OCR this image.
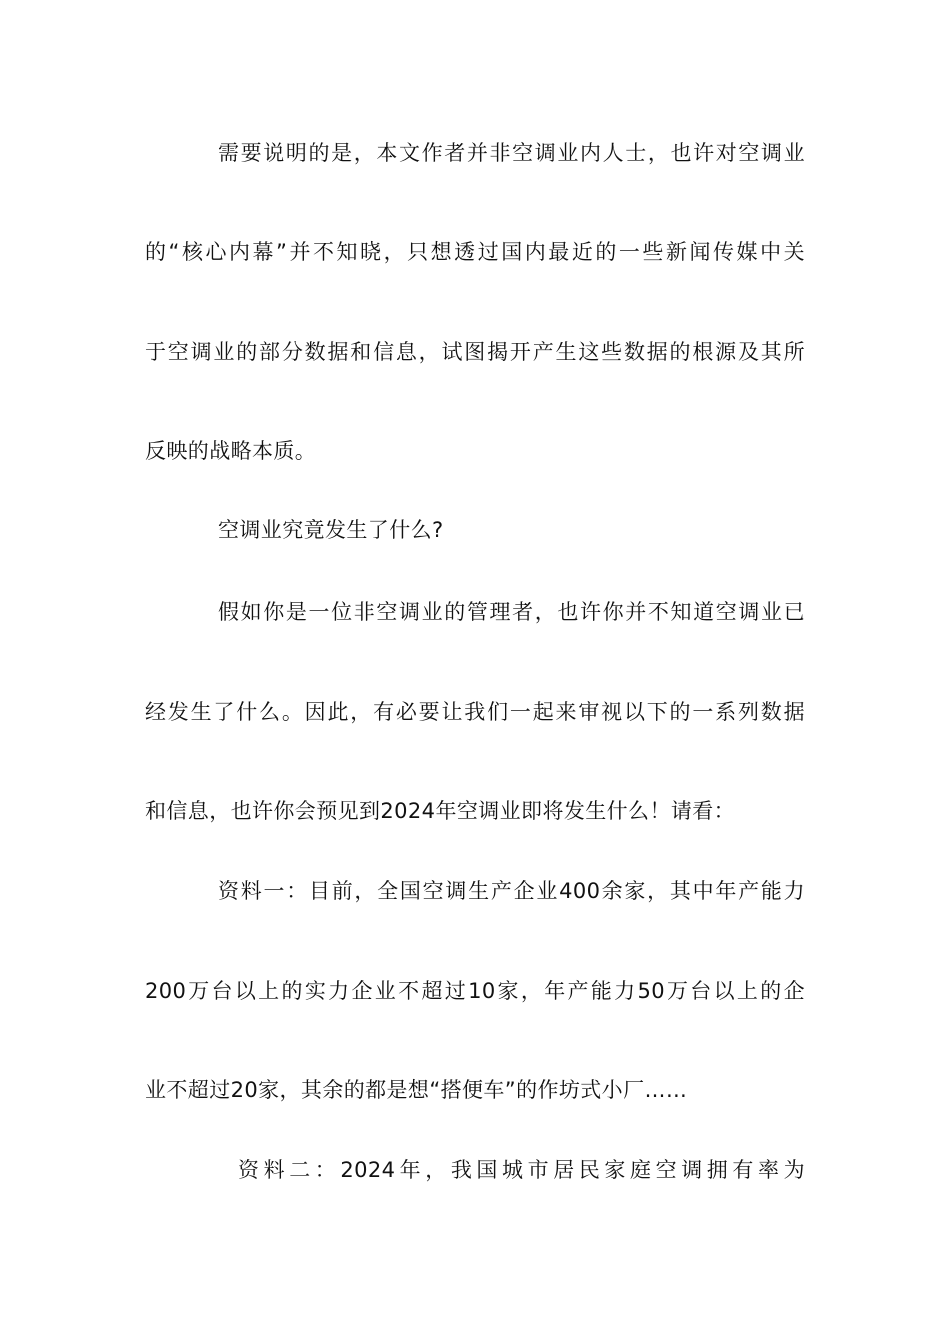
需要说明的是，本文作者并非空调业内人士，也许对空调业
的“核心内幕”并不知晓，只想透过国内最近的一些新闻传媒中关
于空调业的部分数据和信息，试图揭开产生这些数据的根源及其所
反映的战略本质。
空调业究竟发生了什么?
假如你是一位非空调业的管理者，也许你并不知道空调业已
经发生了什么。因此，有必要让我们一起来审视以下的一系列数据
和信息，也许你会预见到2024年空调业即将发生什么！请看：
资料一：目前，全国空调生产企业400余家，其中年产能力
200万台以上的实力企业不超过10家，年产能力50万台以上的企
业不超过20家，其余的都是想“搭便车”的作坊式小厂……
资料二：2024年，我国城市居民家庭空调拥有率为
